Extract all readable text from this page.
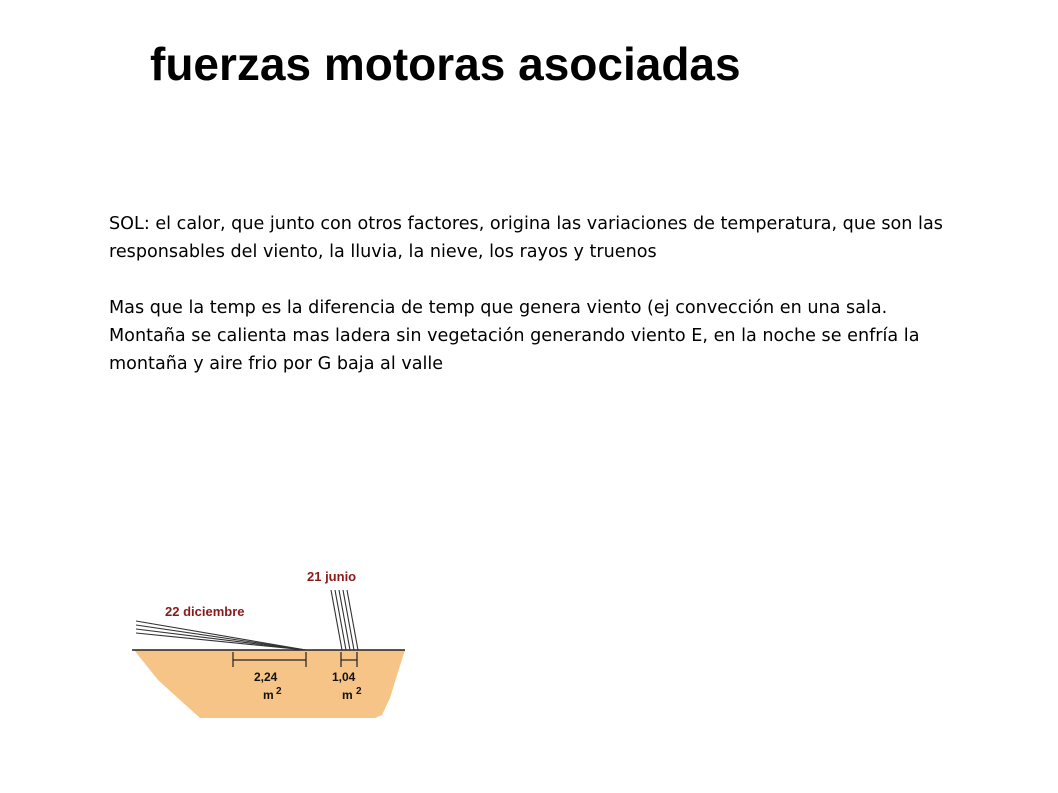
fuerzas motoras asociadas

SOL: el calor, que junto con otros factores, origina las variaciones de temperatura, que son las responsables del viento, la lluvia, la nieve, los rayos y truenos

Mas que la temp es la diferencia de temp que genera viento (ej convección en una sala.

Montaña se calienta mas ladera sin vegetación generando viento E, en la noche se enfría la montaña y aire frio por G baja al valle

21 junio
22 diciembre
2,24
m 2
1,04
m 2
